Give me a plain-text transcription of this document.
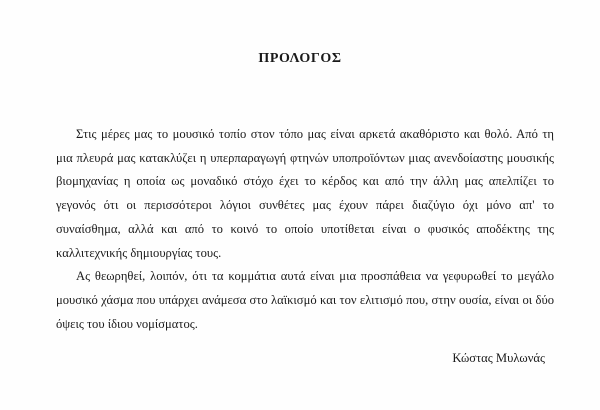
ΠΡΟΛΟΓΟΣ

Στις μέρες μας το μουσικό τοπίο στον τόπο μας είναι αρκετά ακαθόριστο και θολό. Από τη μια πλευρά μας κατακλύζει η υπερπαραγωγή φτηνών υποπροϊόντων μιας ανενδοίαστης μουσικής βιομηχανίας η οποία ως μοναδικό στόχο έχει το κέρδος και από την άλλη μας απελπίζει το γεγονός ότι οι περισσότεροι λόγιοι συνθέτες μας έχουν πάρει διαζύγιο όχι μόνο απ' το συναίσθημα, αλλά και από το κοινό το οποίο υποτίθεται είναι ο φυσικός αποδέκτης της καλλιτεχνικής δημιουργίας τους.

Ας θεωρηθεί, λοιπόν, ότι τα κομμάτια αυτά είναι μια προσπάθεια να γεφυρωθεί το μεγάλο μουσικό χάσμα που υπάρχει ανάμεσα στο λαϊκισμό και τον ελιτισμό που, στην ουσία, είναι οι δύο όψεις του ίδιου νομίσματος.

Κώστας Μυλωνάς
